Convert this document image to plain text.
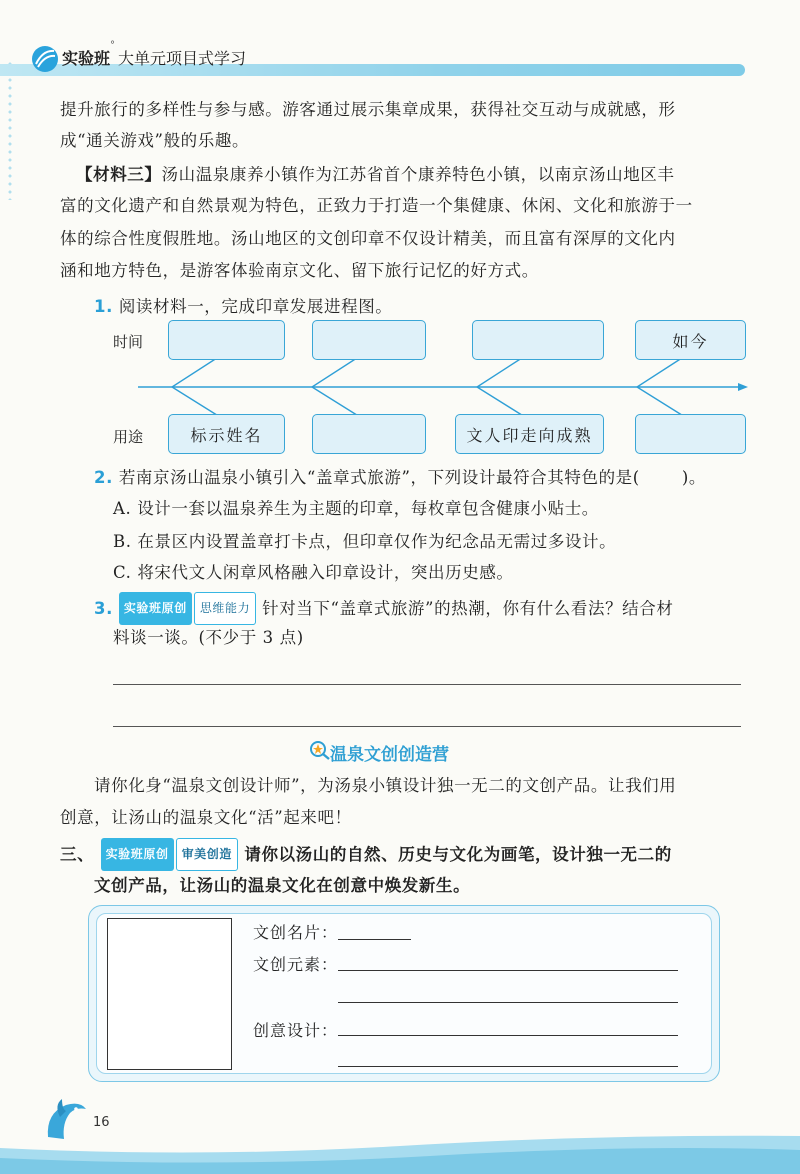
实验班
° 大单元项目式学习
提升旅行的多样性与参与感。游客通过展示集章成果，获得社交互动与成就感，形
成“通关游戏”般的乐趣。
【材料三】汤山温泉康养小镇作为江苏省首个康养特色小镇，以南京汤山地区丰
富的文化遗产和自然景观为特色，正致力于打造一个集健康、休闲、文化和旅游于一
体的综合性度假胜地。汤山地区的文创印章不仅设计精美，而且富有深厚的文化内
涵和地方特色，是游客体验南京文化、留下旅行记忆的好方式。
1. 阅读材料一，完成印章发展进程图。
时间
用途
如今
标示姓名	文人印走向成熟
2. 若南京汤山温泉小镇引入“盖章式旅游”，下列设计最符合其特色的是(	)。
A. 设计一套以温泉养生为主题的印章，每枚章包含健康小贴士。
B. 在景区内设置盖章打卡点，但印章仅作为纪念品无需过多设计。
C. 将宋代文人闲章风格融入印章设计，突出历史感。
3. 实验班原创 思维能力 针对当下“盖章式旅游”的热潮，你有什么看法？结合材
料谈一谈。(不少于 3 点)
温泉文创创造营
请你化身“温泉文创设计师”，为汤泉小镇设计独一无二的文创产品。让我们用
创意，让汤山的温泉文化“活”起来吧！
三、 实验班原创 审美创造 请你以汤山的自然、历史与文化为画笔，设计独一无二的
文创产品，让汤山的温泉文化在创意中焕发新生。
文创名片：
文创元素：
创意设计：
16
